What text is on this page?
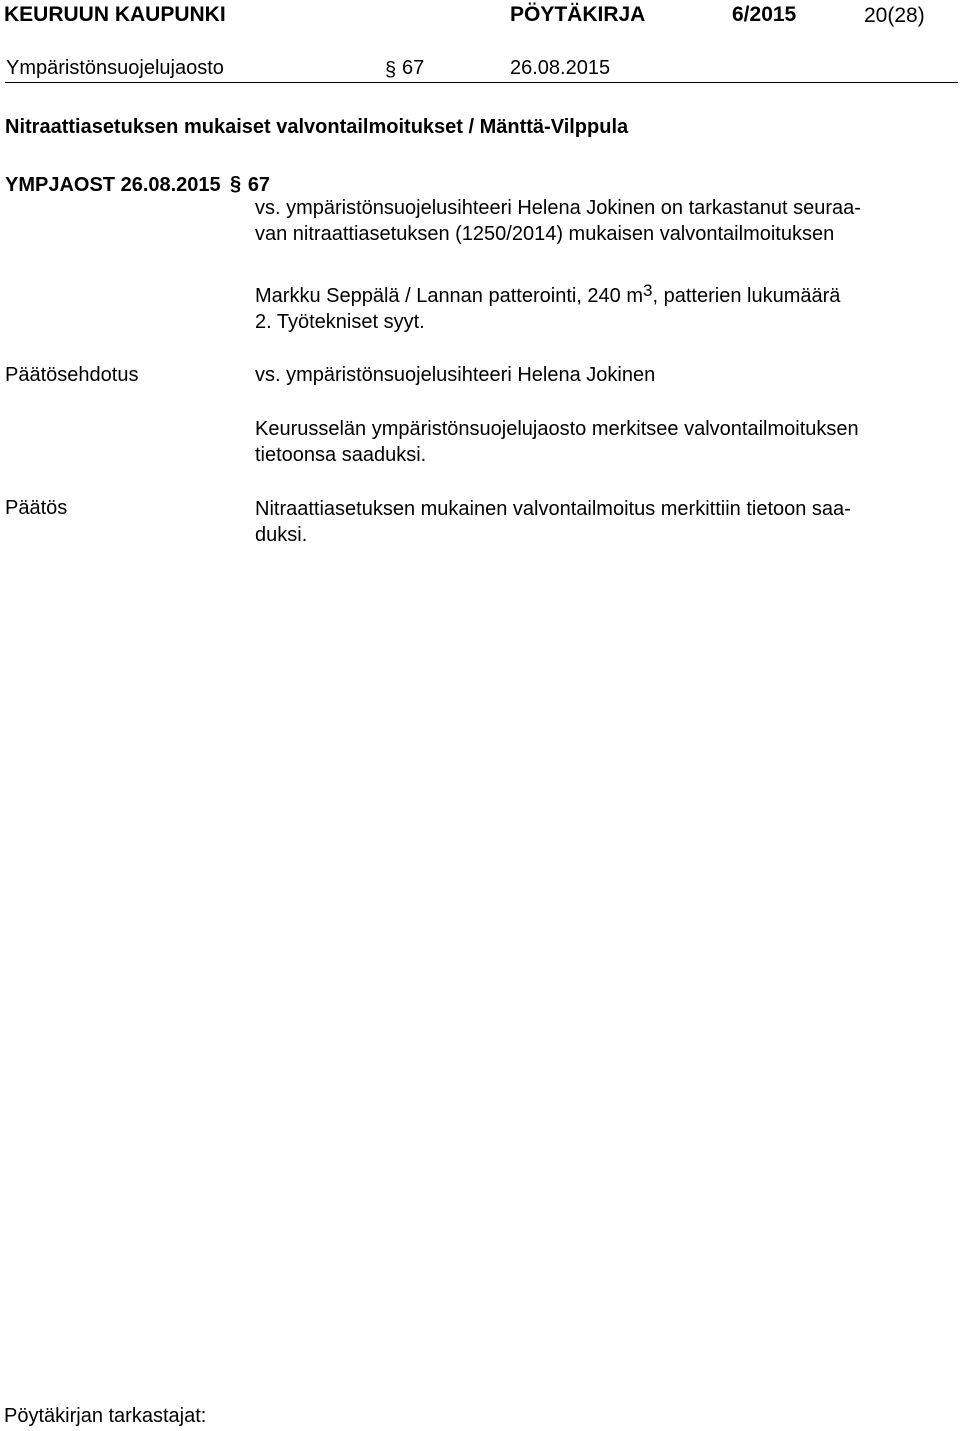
KEURUUN KAUPUNKI	PÖYTÄKIRJA	6/2015	20(28)
Ympäristönsuojelujaosto	§ 67	26.08.2015
Nitraattiasetuksen mukaiset valvontailmoitukset / Mänttä-Vilppula
YMPJAOST 26.08.2015 § 67
vs. ympäristönsuojelusihteeri Helena Jokinen on tarkastanut seuraa-
van nitraattiasetuksen (1250/2014) mukaisen valvontailmoituksen
Markku Seppälä / Lannan patterointi, 240 $m^3$, patterien lukumäärä
2. Työtekniset syyt.
Päätösehdotus	vs. ympäristönsuojelusihteeri Helena Jokinen
Keurusselän ympäristönsuojelujaosto merkitsee valvontailmoituksen
tietoonsa saaduksi.
Päätös	Nitraattiasetuksen mukainen valvontailmoitus merkittiin tietoon saa-
duksi.
Pöytäkirjan tarkastajat:
